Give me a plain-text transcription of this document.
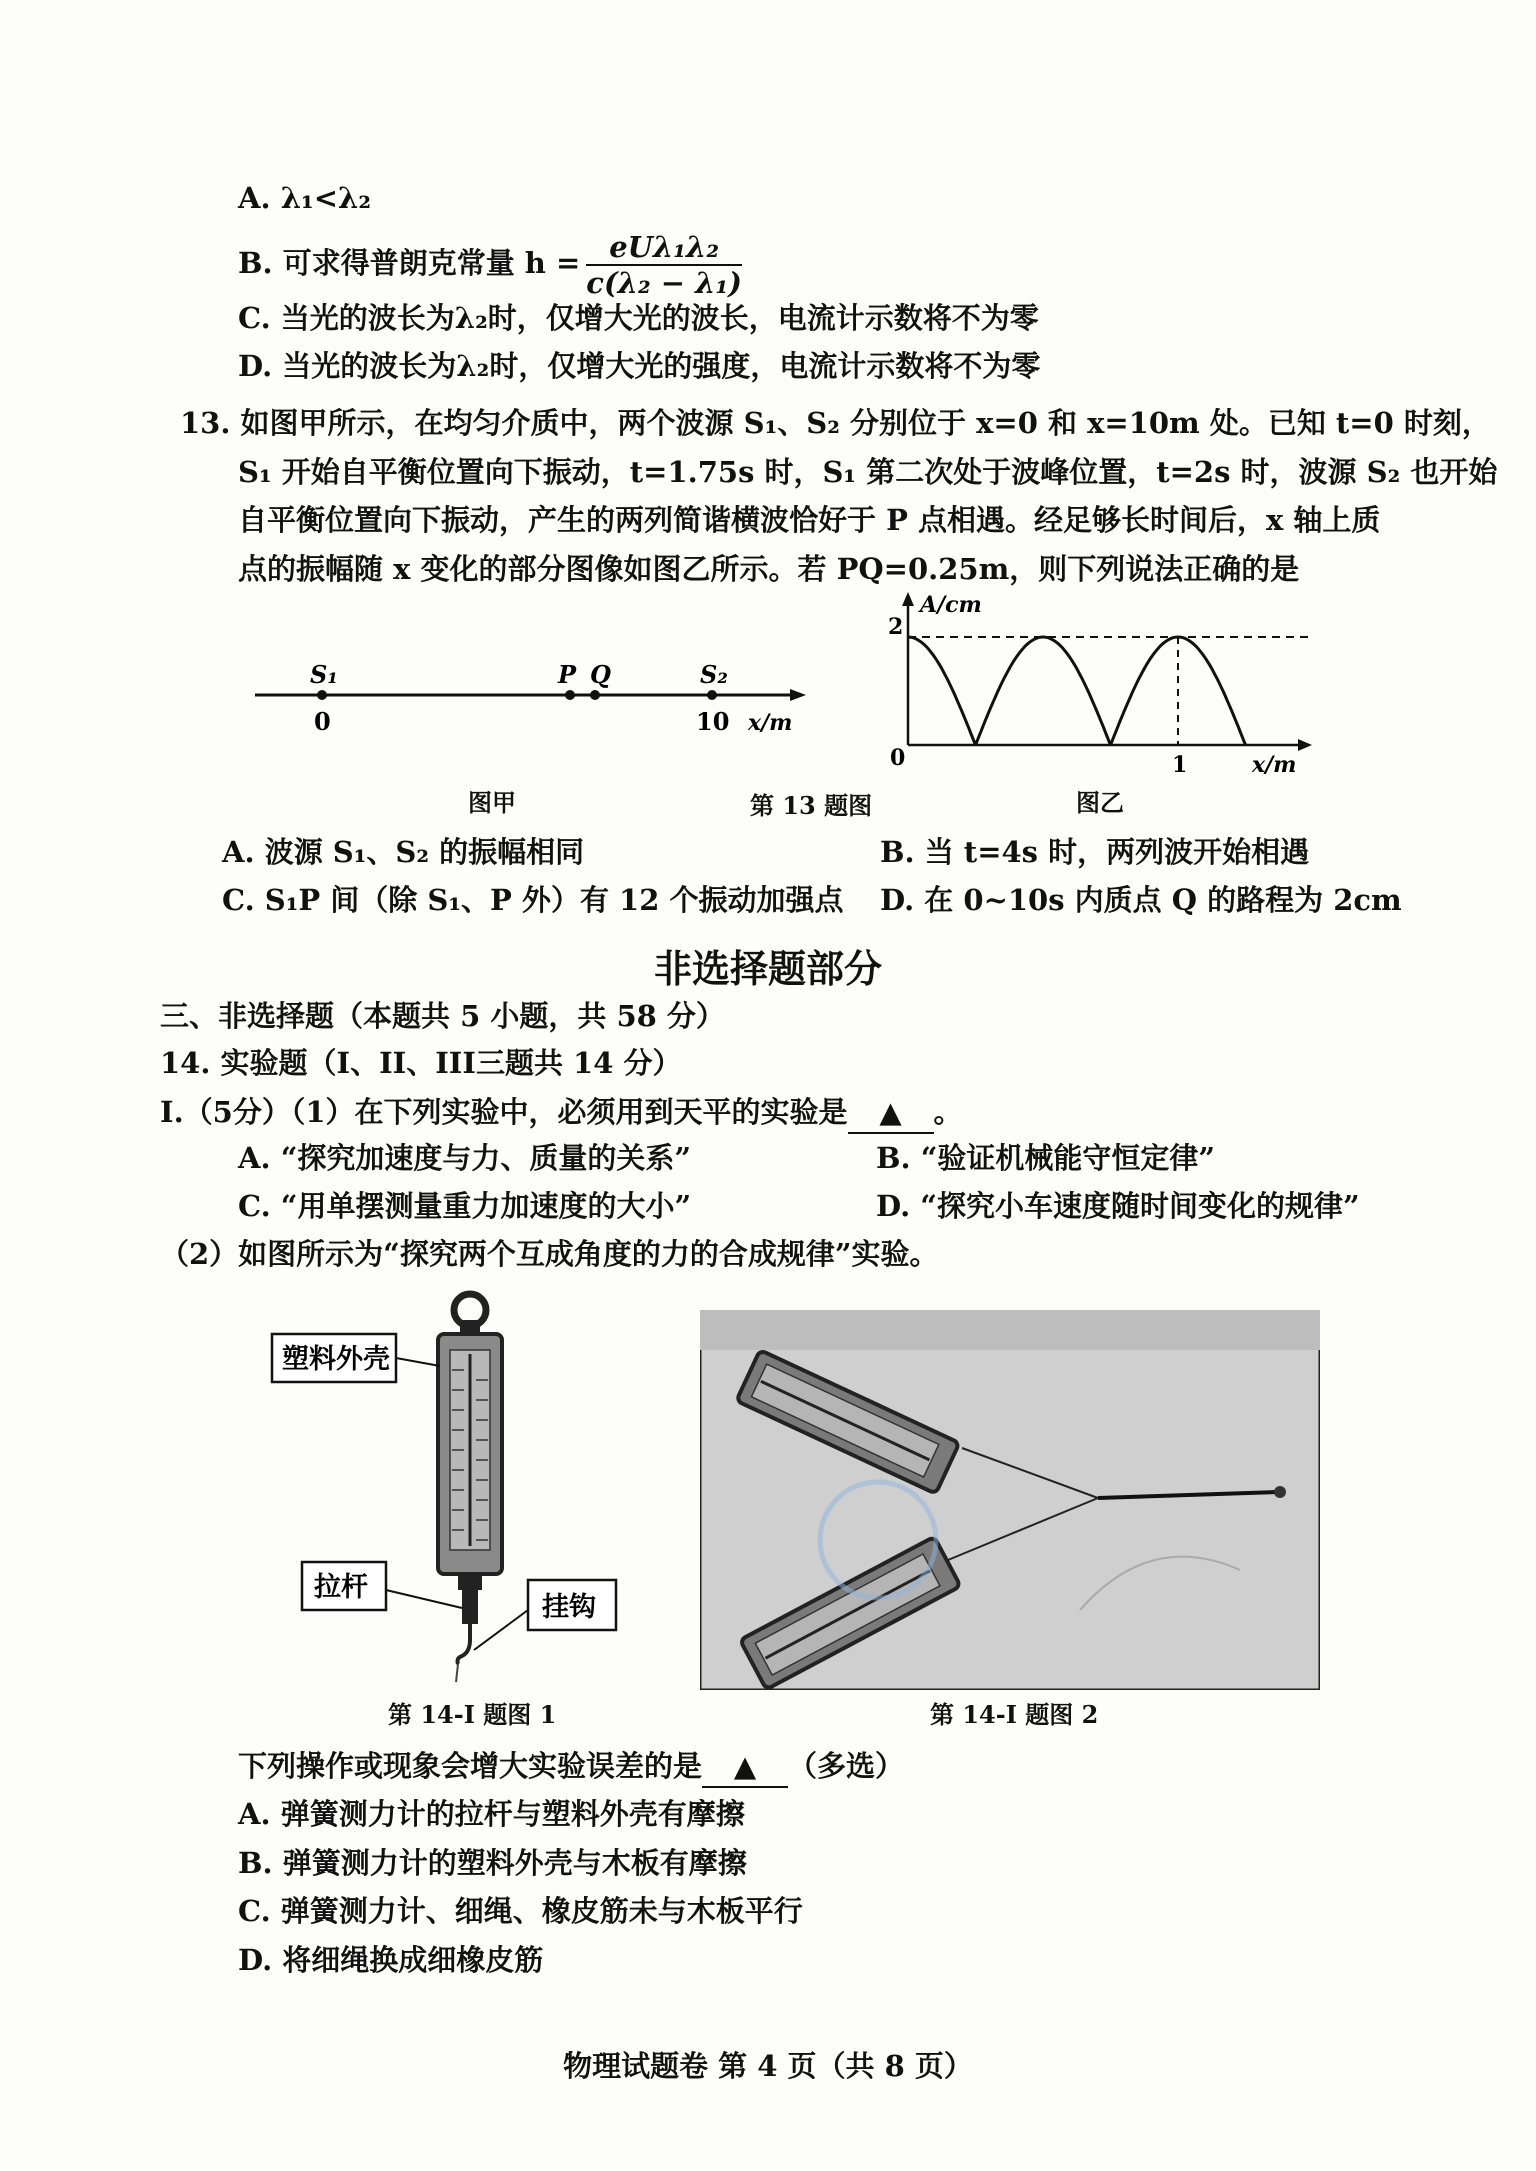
A. λ₁<λ₂
B. 可求得普朗克常量 $h = \frac{\text{eUλ₁λ₂}}{\text{c(λ₂ − λ₁)}}$
C. 当光的波长为λ₂时，仅增大光的波长，电流计示数将不为零
D. 当光的波长为λ₂时，仅增大光的强度，电流计示数将不为零
13. 如图甲所示，在均匀介质中，两个波源 S₁、S₂ 分别位于 x=0 和 x=10m 处。已知 t=0 时刻，
S₁ 开始自平衡位置向下振动，t=1.75s 时，S₁ 第二次处于波峰位置，t=2s 时，波源 S₂ 也开始
自平衡位置向下振动，产生的两列简谐横波恰好于 P 点相遇。经足够长时间后，x 轴上质
点的振幅随 x 变化的部分图像如图乙所示。若 PQ=0.25m，则下列说法正确的是
S₁	P Q	S₂
0	10 x/m
图甲	第 13 题图
A/cm
2
0	1	x/m
图乙
A. 波源 S₁、S₂ 的振幅相同	B. 当 t=4s 时，两列波开始相遇
C. S₁P 间（除 S₁、P 外）有 12 个振动加强点 D. 在 0~10s 内质点 Q 的路程为 2cm
非选择题部分
三、非选择题（本题共 5 小题，共 58 分）
14. 实验题（I、II、III三题共 14 分）
I.（5分）（1）在下列实验中，必须用到天平的实验是 ▲ 。
A. “探究加速度与力、质量的关系”	B. “验证机械能守恒定律”
C. “用单摆测量重力加速度的大小”	D. “探究小车速度随时间变化的规律”
（2）如图所示为“探究两个互成角度的力的合成规律”实验。
塑料外壳
拉杆
挂钩
第 14-I 题图 1	第 14-I 题图 2
下列操作或现象会增大实验误差的是 ▲ （多选）
A. 弹簧测力计的拉杆与塑料外壳有摩擦
B. 弹簧测力计的塑料外壳与木板有摩擦
C. 弹簧测力计、细绳、橡皮筋未与木板平行
D. 将细绳换成细橡皮筋
物理试题卷 第 4 页（共 8 页）
